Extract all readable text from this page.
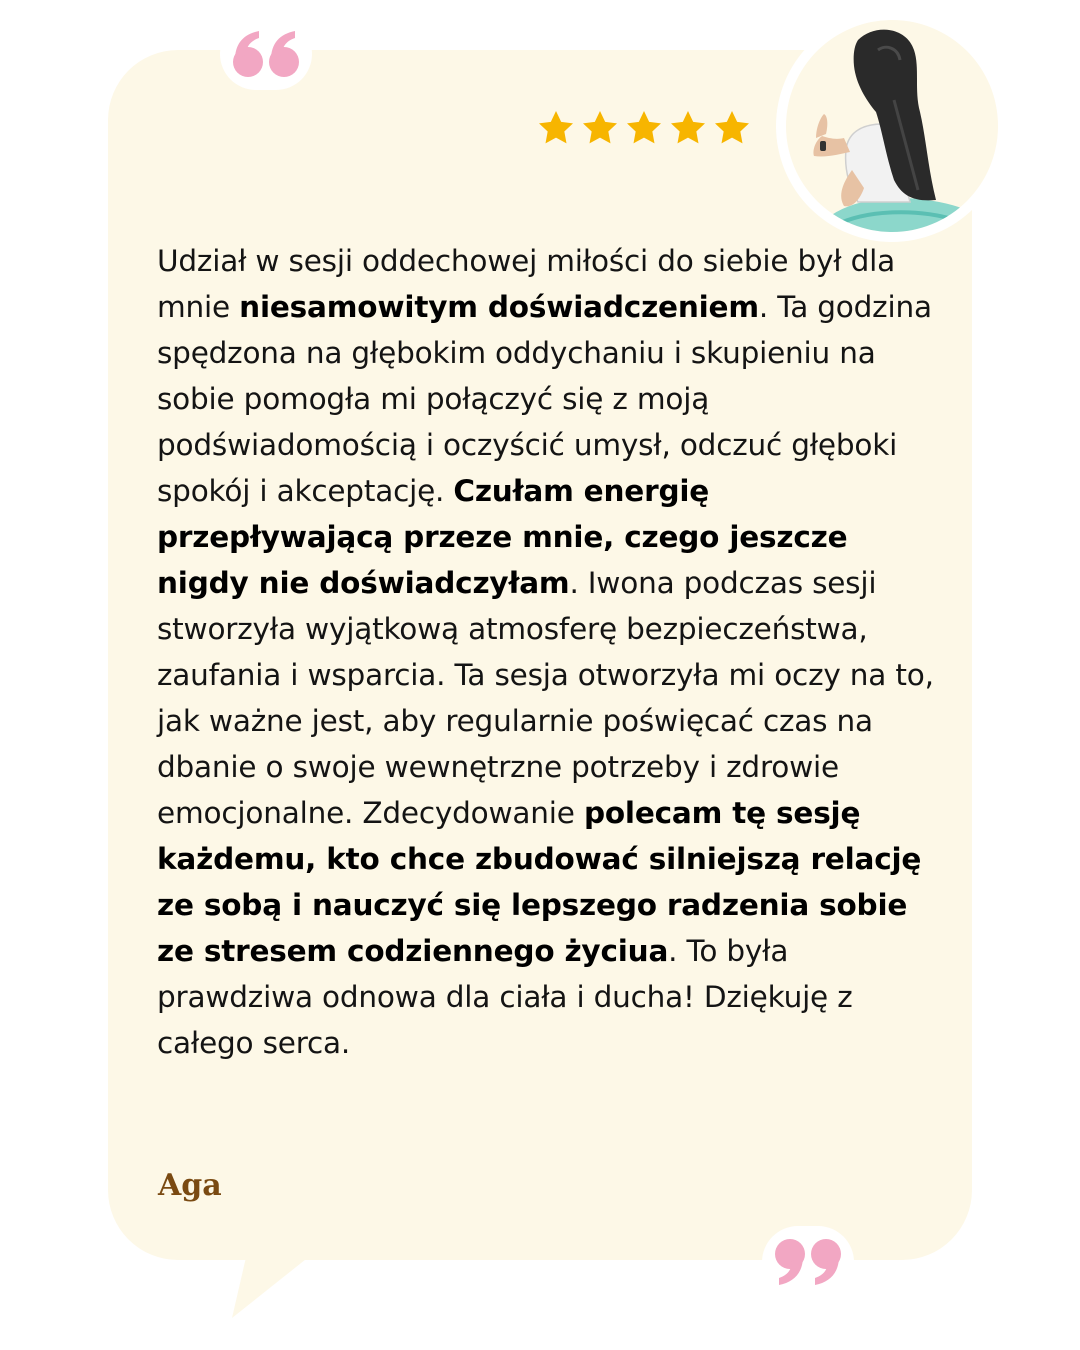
Udział w sesji oddechowej miłości do siebie był dla mnie niesamowitym doświadczeniem. Ta godzina spędzona na głębokim oddychaniu i skupieniu na sobie pomogła mi połączyć się z moją podświadomością i oczyścić umysł, odczuć głęboki spokój i akceptację. Czułam energię przepływającą przeze mnie, czego jeszcze nigdy nie doświadczyłam. Iwona podczas sesji stworzyła wyjątkową atmosferę bezpieczeństwa, zaufania i wsparcia. Ta sesja otworzyła mi oczy na to, jak ważne jest, aby regularnie poświęcać czas na dbanie o swoje wewnętrzne potrzeby i zdrowie emocjonalne. Zdecydowanie polecam tę sesję każdemu, kto chce zbudować silniejszą relację ze sobą i nauczyć się lepszego radzenia sobie ze stresem codziennego życiua. To była prawdziwa odnowa dla ciała i ducha! Dziękuję z całego serca.

Aga
